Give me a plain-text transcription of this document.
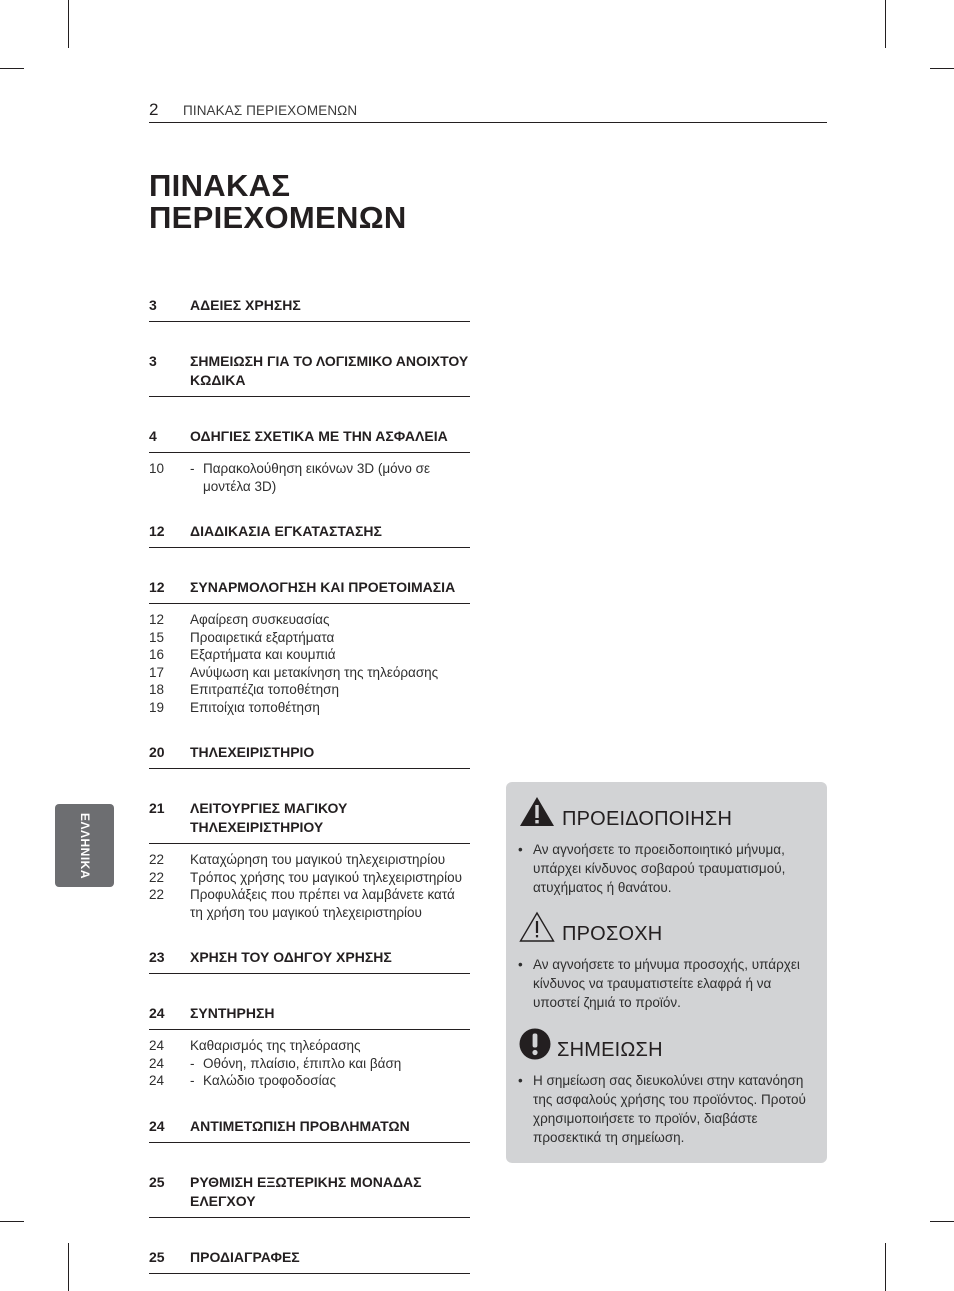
2 ΠΙΝΑΚΑΣ ΠΕΡΙΕΧΟΜΕΝΩΝ
ΠΙΝΑΚΑΣ
ΠΕΡΙΕΧΟΜΕΝΩΝ
3	ΑΔΕΙΕΣ ΧΡΗΣΗΣ
3	ΣΗΜΕΙΩΣΗ ΓΙΑ ΤΟ ΛΟΓΙΣΜΙΚΟ ΑΝΟΙΧΤΟΥ ΚΩΔΙΚΑ
4	ΟΔΗΓΙΕΣ ΣΧΕΤΙΚΑ ΜΕ ΤΗΝ ΑΣΦΑΛΕΙΑ
10	- Παρακολούθηση εικόνων 3D (μόνο σε μοντέλα 3D)
12	ΔΙΑΔΙΚΑΣΙΑ ΕΓΚΑΤΑΣΤΑΣΗΣ
12	ΣΥΝΑΡΜΟΛΟΓΗΣΗ ΚΑΙ ΠΡΟΕΤΟΙΜΑΣΙΑ
12	Αφαίρεση συσκευασίας
15	Προαιρετικά εξαρτήματα
16	Εξαρτήματα και κουμπιά
17	Ανύψωση και μετακίνηση της τηλεόρασης
18	Επιτραπέζια τοποθέτηση
19	Επιτοίχια τοποθέτηση
20	ΤΗΛΕΧΕΙΡΙΣΤΗΡΙΟ
21	ΛΕΙΤΟΥΡΓΙΕΣ ΜΑΓΙΚΟΥ ΤΗΛΕΧΕΙΡΙΣΤΗΡΙΟΥ
22	Καταχώρηση του μαγικού τηλεχειριστηρίου
22	Τρόπος χρήσης του μαγικού τηλεχειριστηρίου
22	Προφυλάξεις που πρέπει να λαμβάνετε κατά τη χρήση του μαγικού τηλεχειριστηρίου
23	ΧΡΗΣΗ ΤΟΥ ΟΔΗΓΟΥ ΧΡΗΣΗΣ
24	ΣΥΝΤΗΡΗΣΗ
24	Καθαρισμός της τηλεόρασης
24	- Οθόνη, πλαίσιο, έπιπλο και βάση
24	- Καλώδιο τροφοδοσίας
24	ΑΝΤΙΜΕΤΩΠΙΣΗ ΠΡΟΒΛΗΜΑΤΩΝ
25	ΡΥΘΜΙΣΗ ΕΞΩΤΕΡΙΚΗΣ ΜΟΝΑΔΑΣ ΕΛΕΓΧΟΥ
25	ΠΡΟΔΙΑΓΡΑΦΕΣ
ΕΛΛΗΝΙΚΑ	ΠΡΟΕΙΔΟΠΟΙΗΣΗ
• Αν αγνοήσετε το προειδοποιητικό μήνυμα, υπάρχει κίνδυνος σοβαρού τραυματισμού, ατυχήματος ή θανάτου.
ΠΡΟΣΟΧΗ
• Αν αγνοήσετε το μήνυμα προσοχής, υπάρχει κίνδυνος να τραυματιστείτε ελαφρά ή να υποστεί ζημιά το προϊόν.
ΣΗΜΕΙΩΣΗ
• Η σημείωση σας διευκολύνει στην κατανόηση της ασφαλούς χρήσης του προϊόντος. Προτού χρησιμοποιήσετε το προϊόν, διαβάστε προσεκτικά τη σημείωση.
